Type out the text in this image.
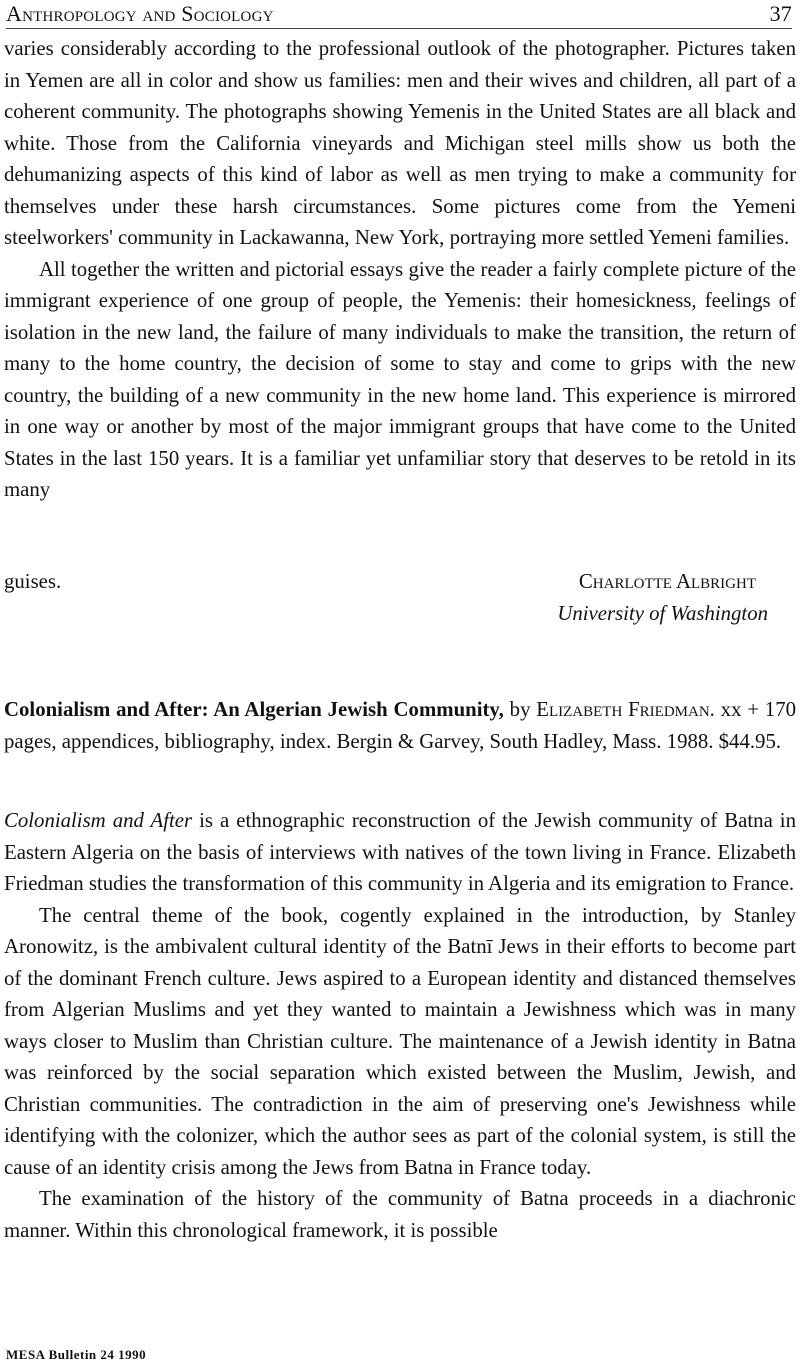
Anthropology and Sociology	37

varies considerably according to the professional outlook of the photographer. Pictures taken in Yemen are all in color and show us families: men and their wives and children, all part of a coherent community. The photographs showing Yemenis in the United States are all black and white. Those from the California vineyards and Michigan steel mills show us both the dehumanizing aspects of this kind of labor as well as men trying to make a community for themselves under these harsh circumstances. Some pictures come from the Yemeni steelworkers' community in Lackawanna, New York, portraying more settled Yemeni families.

All together the written and pictorial essays give the reader a fairly complete picture of the immigrant experience of one group of people, the Yemenis: their homesickness, feelings of isolation in the new land, the failure of many individuals to make the transition, the return of many to the home country, the decision of some to stay and come to grips with the new country, the building of a new community in the new home land. This experience is mirrored in one way or another by most of the major immigrant groups that have come to the United States in the last 150 years. It is a familiar yet unfamiliar story that deserves to be retold in its many

guises.	Charlotte Albright
University of Washington

Colonialism and After: An Algerian Jewish Community, by Elizabeth Friedman. xx + 170 pages, appendices, bibliography, index. Bergin & Garvey, South Hadley, Mass. 1988. $44.95.

Colonialism and After is a ethnographic reconstruction of the Jewish community of Batna in Eastern Algeria on the basis of interviews with natives of the town living in France. Elizabeth Friedman studies the transformation of this community in Algeria and its emigration to France.

The central theme of the book, cogently explained in the introduction, by Stanley Aronowitz, is the ambivalent cultural identity of the Batnī Jews in their efforts to become part of the dominant French culture. Jews aspired to a European identity and distanced themselves from Algerian Muslims and yet they wanted to maintain a Jewishness which was in many ways closer to Muslim than Christian culture. The maintenance of a Jewish identity in Batna was reinforced by the social separation which existed between the Muslim, Jewish, and Christian communities. The contradiction in the aim of preserving one's Jewishness while identifying with the colonizer, which the author sees as part of the colonial system, is still the cause of an identity crisis among the Jews from Batna in France today.

The examination of the history of the community of Batna proceeds in a diachronic manner. Within this chronological framework, it is possible

MESA Bulletin 24 1990
